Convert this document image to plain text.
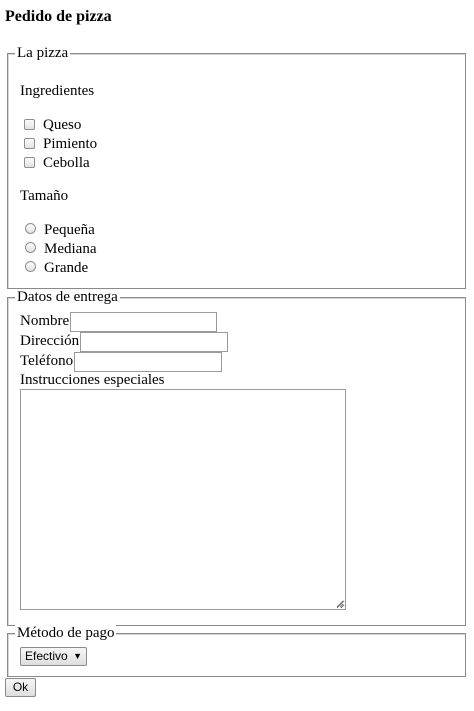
Pedido de pizza
La pizza
Ingredientes
Queso
Pimiento
Cebolla
Tamaño
Pequeña
Mediana
Grande
Datos de entrega
Nombre
Dirección
Teléfono
Instrucciones especiales
Método de pago
Efectivo ▼
Ok
